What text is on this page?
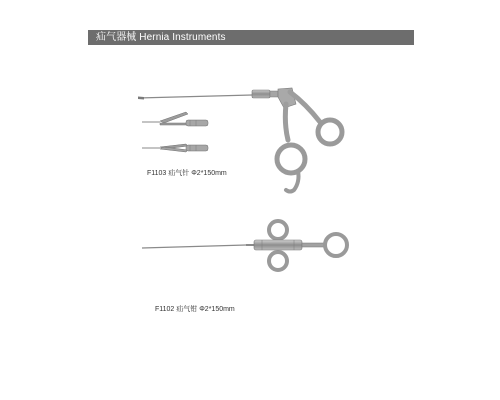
疝气器械 Hernia Instruments
F1103 疝气针 Φ2*150mm
F1102 疝气钳 Φ2*150mm
